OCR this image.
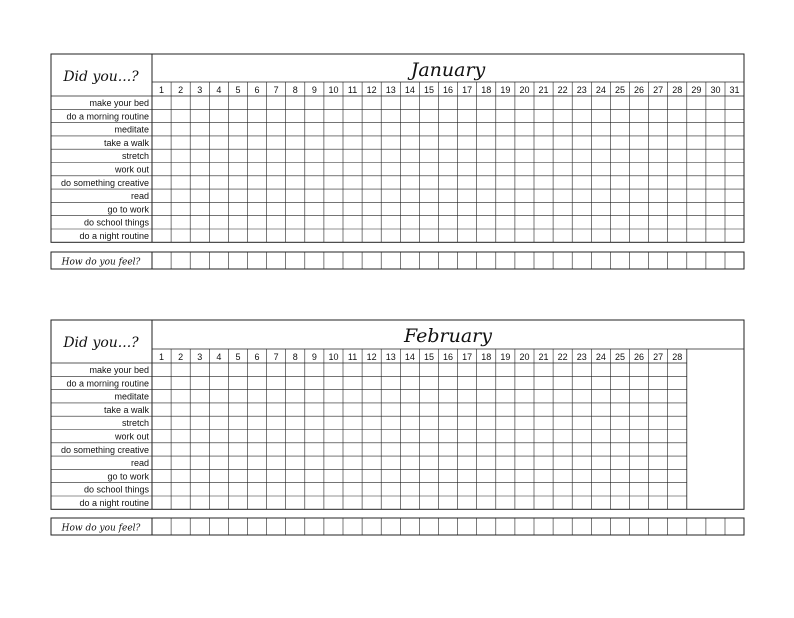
Did you...?	January
1 2 3 4 5 6 7 8 9 10 11 12 13 14 15 16 17 18 19 20 21 22 23 24 25 26 27 28 29 30 31
make your bed
do a morning routine
meditate
take a walk
stretch
work out
do something creative
read
go to work
do school things
do a night routine
How do you feel?
Did you...?	February
1 2 3 4 5 6 7 8 9 10 11 12 13 14 15 16 17 18 19 20 21 22 23 24 25 26 27 28
make your bed
do a morning routine
meditate
take a walk
stretch
work out
do something creative
read
go to work
do school things
do a night routine
How do you feel?
